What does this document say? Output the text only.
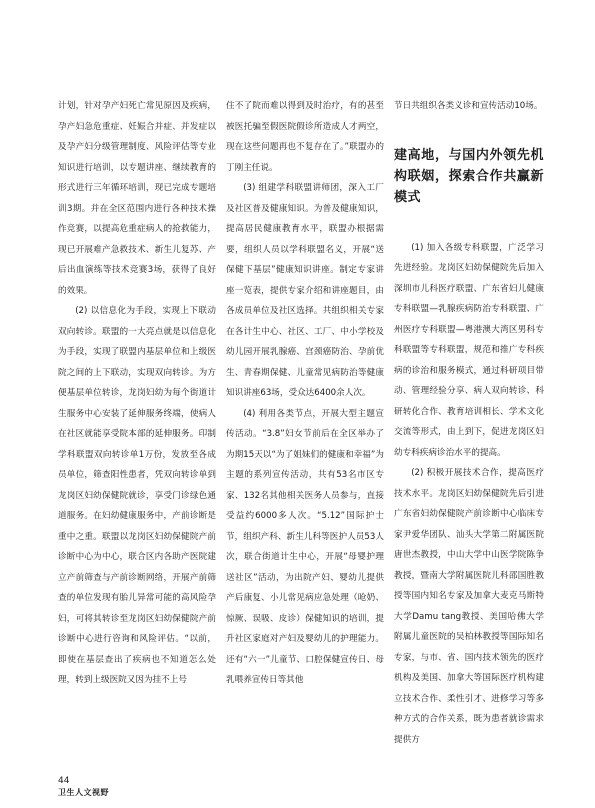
计划，针对孕产妇死亡常见原因及疾病，孕产妇急危重症、妊娠合并症、并发症以及孕产妇分级管理制度、风险评估等专业知识进行培训，以专题讲座、继续教育的形式进行三年循环培训，现已完成专题培训3期。并在全区范围内进行各种技术操作竞赛，以提高危重症病人的抢救能力，现已开展难产急救技术、新生儿复苏、产后出血演练等技术竞赛3场，获得了良好的效果。

(2) 以信息化为手段，实现上下联动双向转诊。联盟的一大亮点就是以信息化为手段，实现了联盟内基层单位和上级医院之间的上下联动，实现双向转诊。为方便基层单位转诊，龙岗妇幼为每个街道计生服务中心安装了延伸服务终端，使病人在社区就能享受院本部的延伸服务。印制学科联盟双向转诊单1万份，发放至各成员单位，筛查阳性患者，凭双向转诊单到龙岗区妇幼保健院就诊，享受门诊绿色通道服务。在妇幼健康服务中，产前诊断是重中之重。联盟以龙岗区妇幼保健院产前诊断中心为中心，联合区内各助产医院建立产前筛查与产前诊断网络，开展产前筛查的单位发现有胎儿异常可能的高风险孕妇，可将其转诊至龙岗区妇幼保健院产前诊断中心进行咨询和风险评估。“以前，即使在基层查出了疾病也不知道怎么处理，转到上级医院又因为挂不上号

住不了院而难以得到及时治疗，有的甚至被医托骗至假医院假诊所造成人才两空，现在这些问题再也不复存在了。”联盟办的丁刚主任说。

(3) 组建学科联盟讲师团，深入工厂及社区普及健康知识。为普及健康知识，提高居民健康教育水平，联盟办根据需要，组织人员以学科联盟名义，开展“送保健下基层”健康知识讲座。制定专家讲座一览表，提供专家介绍和讲座题目，由各成员单位及社区选择。共组织相关专家在各计生中心、社区、工厂、中小学校及幼儿园开展乳腺癌、宫颈癌防治、孕前优生、青春期保健、儿童常见病防治等健康知识讲座63场，受众达6400余人次。

(4) 利用各类节点，开展大型主题宣传活动。“3.8”妇女节前后在全区举办了为期15天以“为了姐妹们的健康和幸福”为主题的系列宣传活动，共有53名市区专家、132名其他相关医务人员参与，直接受益约6000多人次。“5.12”国际护士节，组织产科、新生儿科等医护人员53人次，联合街道计生中心，开展“母婴护理送社区”活动，为出院产妇、婴幼儿提供产后康复、小儿常见病应急处理（呛奶、惊厥、误吸、皮诊）保健知识的培训，提升社区家庭对产妇及婴幼儿的护理能力。还有“六一”儿童节、口腔保健宣传日、母乳喂养宣传日等其他

节日共组织各类义诊和宣传活动10场。

建高地，与国内外领先机构联姻，探索合作共赢新模式

(1) 加入各级专科联盟，广泛学习先进经验。龙岗区妇幼保健院先后加入深圳市儿科医疗联盟、广东省妇儿健康专科联盟—乳腺疾病防治专科联盟、广州医疗专科联盟—粤港澳大湾区男科专科联盟等专科联盟，规范和推广专科疾病的诊治和服务模式，通过科研项目带动、管理经验分享、病人双向转诊、科研转化合作、教育培训相长、学术文化交流等形式，由上到下，促进龙岗区妇幼专科疾病诊治水平的提高。

(2) 积极开展技术合作，提高医疗技术水平。龙岗区妇幼保健院先后引进广东省妇幼保健院产前诊断中心临床专家尹爱华团队、汕头大学第二附属医院唐世杰教授，中山大学中山医学院陈争教授，暨南大学附属医院儿科邵国胜教授等国内知名专家及加拿大麦克马斯特大学Damu tang教授、美国哈佛大学附属儿童医院的吴柏林教授等国际知名专家，与市、省、国内技术领先的医疗机构及美国、加拿大等国际医疗机构建立技术合作、柔性引才、进修学习等多种方式的合作关系，既为患者就诊需求提供方

44
卫生人文视野
